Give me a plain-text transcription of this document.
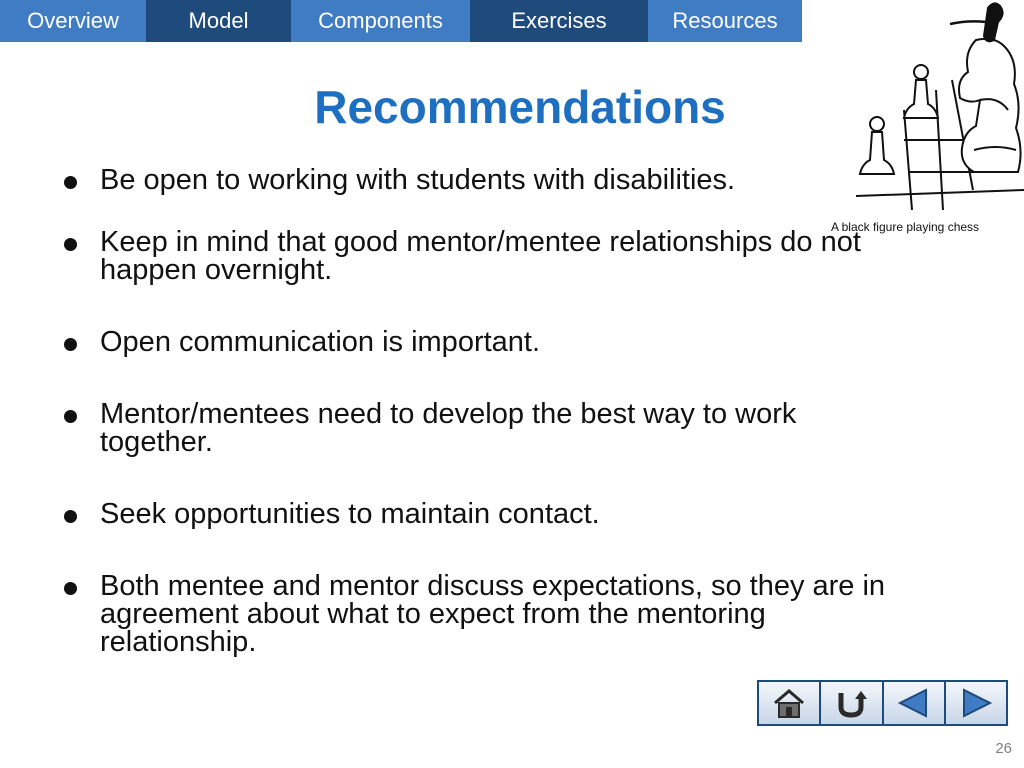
Overview	Model	Components	Exercises	Resources
Recommendations
A black figure playing chess
Be open to working with students with disabilities.
Keep in mind that good mentor/mentee relationships do not happen overnight.
Open communication is important.
Mentor/mentees need to develop the best way to work together.
Seek opportunities to maintain contact.
Both mentee and mentor discuss expectations, so they are in agreement about what to expect from the mentoring relationship.
26
